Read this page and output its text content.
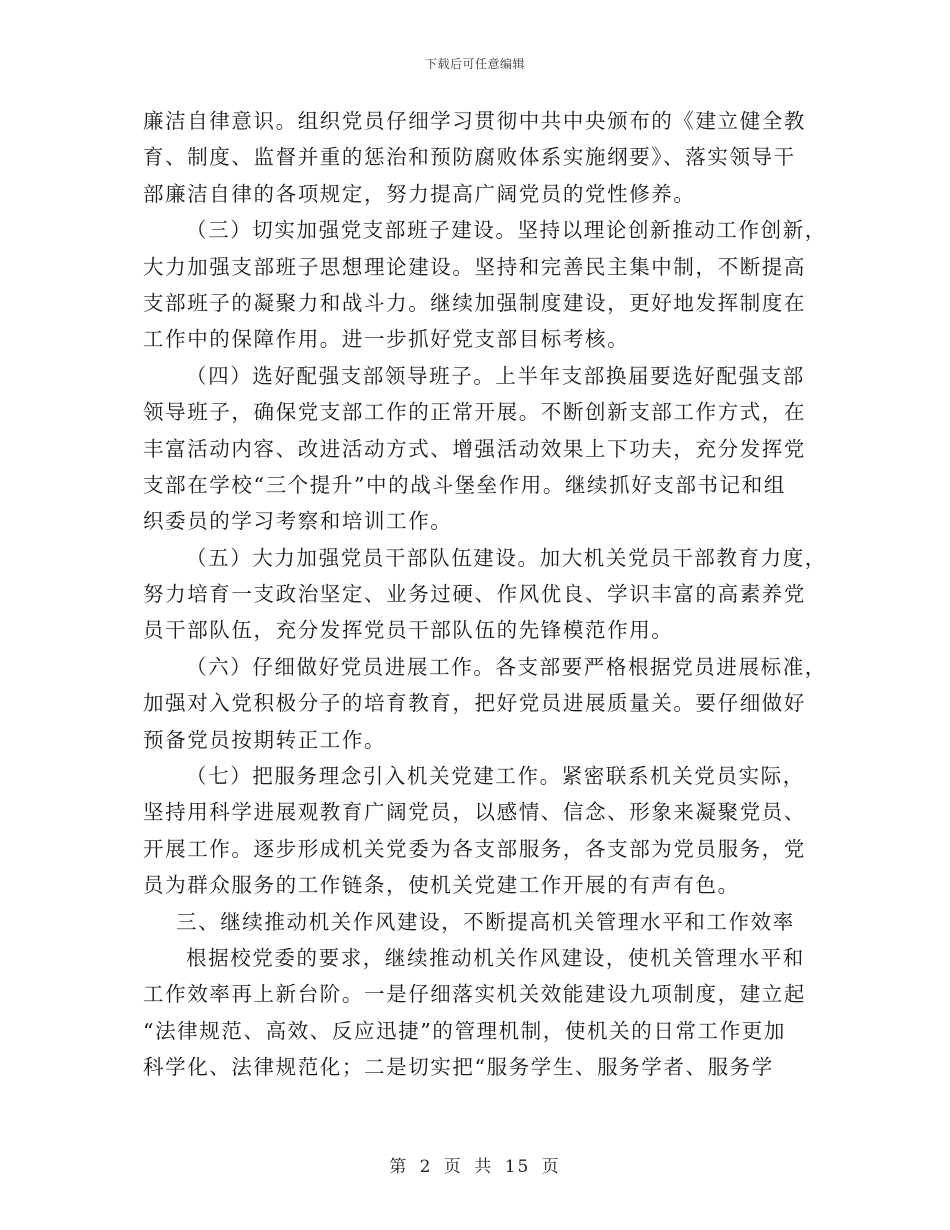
下载后可任意编辑
廉洁自律意识。组织党员仔细学习贯彻中共中央颁布的《建立健全教
育、制度、监督并重的惩治和预防腐败体系实施纲要》、落实领导干
部廉洁自律的各项规定，努力提高广阔党员的党性修养。
（三）切实加强党支部班子建设。坚持以理论创新推动工作创新，
大力加强支部班子思想理论建设。坚持和完善民主集中制，不断提高
支部班子的凝聚力和战斗力。继续加强制度建设，更好地发挥制度在
工作中的保障作用。进一步抓好党支部目标考核。
（四）选好配强支部领导班子。上半年支部换届要选好配强支部
领导班子，确保党支部工作的正常开展。不断创新支部工作方式，在
丰富活动内容、改进活动方式、增强活动效果上下功夫，充分发挥党
支部在学校“三个提升”中的战斗堡垒作用。继续抓好支部书记和组
织委员的学习考察和培训工作。
（五）大力加强党员干部队伍建设。加大机关党员干部教育力度，
努力培育一支政治坚定、业务过硬、作风优良、学识丰富的高素养党
员干部队伍，充分发挥党员干部队伍的先锋模范作用。
（六）仔细做好党员进展工作。各支部要严格根据党员进展标准，
加强对入党积极分子的培育教育，把好党员进展质量关。要仔细做好
预备党员按期转正工作。
（七）把服务理念引入机关党建工作。紧密联系机关党员实际，
坚持用科学进展观教育广阔党员，以感情、信念、形象来凝聚党员、
开展工作。逐步形成机关党委为各支部服务，各支部为党员服务，党
员为群众服务的工作链条，使机关党建工作开展的有声有色。
三、继续推动机关作风建设，不断提高机关管理水平和工作效率
根据校党委的要求，继续推动机关作风建设，使机关管理水平和
工作效率再上新台阶。一是仔细落实机关效能建设九项制度，建立起
“法律规范、高效、反应迅捷”的管理机制，使机关的日常工作更加
科学化、法律规范化；二是切实把“服务学生、服务学者、服务学
第 2 页 共 15 页
